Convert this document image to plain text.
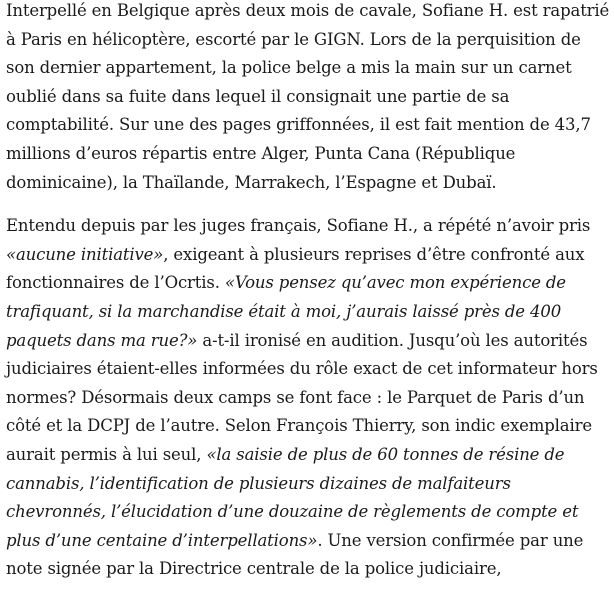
Interpellé en Belgique après deux mois de cavale, Sofiane H. est rapatrié à Paris en hélicoptère, escorté par le GIGN. Lors de la perquisition de son dernier appartement, la police belge a mis la main sur un carnet oublié dans sa fuite dans lequel il consignait une partie de sa comptabilité. Sur une des pages griffonnées, il est fait mention de 43,7 millions d’euros répartis entre Alger, Punta Cana (République dominicaine), la Thaïlande, Marrakech, l’Espagne et Dubaï.

Entendu depuis par les juges français, Sofiane H., a répété n’avoir pris «aucune initiative», exigeant à plusieurs reprises d’être confronté aux fonctionnaires de l’Ocrtis. «Vous pensez qu’avec mon expérience de trafiquant, si la marchandise était à moi, j’aurais laissé près de 400 paquets dans ma rue?» a-t-il ironisé en audition. Jusqu’où les autorités judiciaires étaient-elles informées du rôle exact de cet informateur hors normes? Désormais deux camps se font face : le Parquet de Paris d’un côté et la DCPJ de l’autre. Selon François Thierry, son indic exemplaire aurait permis à lui seul, «la saisie de plus de 60 tonnes de résine de cannabis, l’identification de plusieurs dizaines de malfaiteurs chevronnés, l’élucidation d’une douzaine de règlements de compte et plus d’une centaine d’interpellations». Une version confirmée par une note signée par la Directrice centrale de la police judiciaire,
